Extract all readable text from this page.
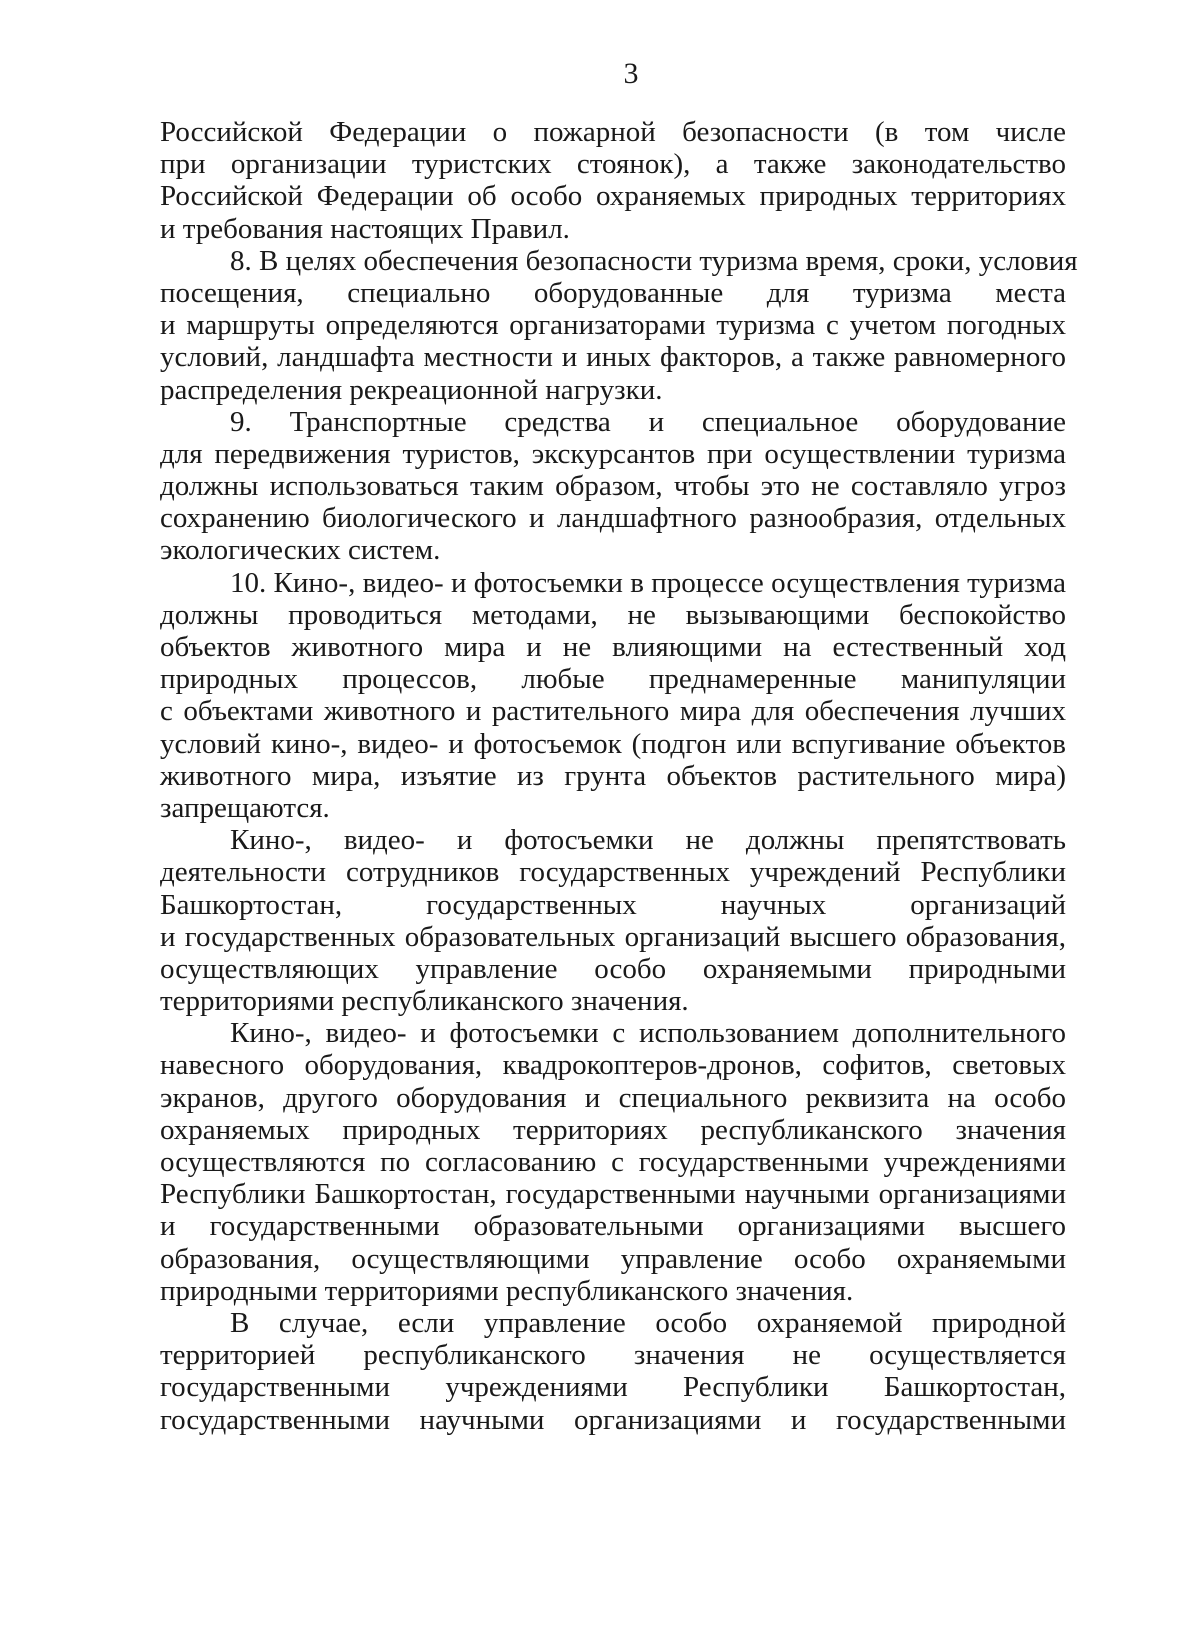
3

Российской Федерации о пожарной безопасности (в том числе
при организации туристских стоянок), а также законодательство
Российской Федерации об особо охраняемых природных территориях
и требования настоящих Правил.

8. В целях обеспечения безопасности туризма время, сроки, условия
посещения, специально оборудованные для туризма места
и маршруты определяются организаторами туризма с учетом погодных
условий, ландшафта местности и иных факторов, а также равномерного
распределения рекреационной нагрузки.

9. Транспортные средства и специальное оборудование
для передвижения туристов, экскурсантов при осуществлении туризма
должны использоваться таким образом, чтобы это не составляло угроз
сохранению биологического и ландшафтного разнообразия, отдельных
экологических систем.

10. Кино-, видео- и фотосъемки в процессе осуществления туризма
должны проводиться методами, не вызывающими беспокойство
объектов животного мира и не влияющими на естественный ход
природных процессов, любые преднамеренные манипуляции
с объектами животного и растительного мира для обеспечения лучших
условий кино-, видео- и фотосъемок (подгон или вспугивание объектов
животного мира, изъятие из грунта объектов растительного мира)
запрещаются.

Кино-, видео- и фотосъемки не должны препятствовать
деятельности сотрудников государственных учреждений Республики
Башкортостан, государственных научных организаций
и государственных образовательных организаций высшего образования,
осуществляющих управление особо охраняемыми природными
территориями республиканского значения.

Кино-, видео- и фотосъемки с использованием дополнительного
навесного оборудования, квадрокоптеров-дронов, софитов, световых
экранов, другого оборудования и специального реквизита на особо
охраняемых природных территориях республиканского значения
осуществляются по согласованию с государственными учреждениями
Республики Башкортостан, государственными научными организациями
и государственными образовательными организациями высшего
образования, осуществляющими управление особо охраняемыми
природными территориями республиканского значения.

В случае, если управление особо охраняемой природной
территорией республиканского значения не осуществляется
государственными учреждениями Республики Башкортостан,
государственными научными организациями и государственными
